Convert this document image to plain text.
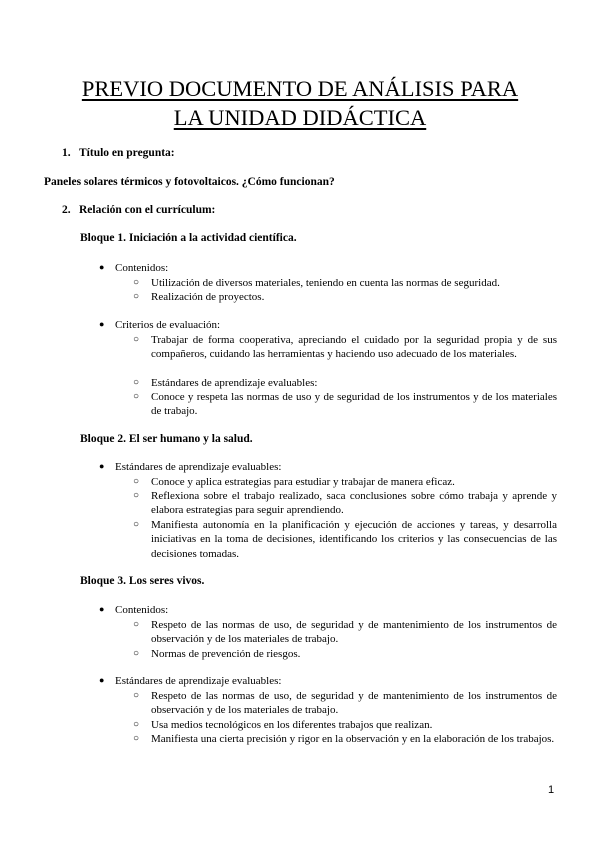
PREVIO DOCUMENTO DE ANÁLISIS PARA
LA UNIDAD DIDÁCTICA
1. Título en pregunta:
Paneles solares térmicos y fotovoltaicos. ¿Cómo funcionan?
2. Relación con el currículum:
Bloque 1. Iniciación a la actividad científica.
● Contenidos:
○ Utilización de diversos materiales, teniendo en cuenta las normas de seguridad.
○ Realización de proyectos.
● Criterios de evaluación:
○ Trabajar de forma cooperativa, apreciando el cuidado por la seguridad propia y de sus compañeros, cuidando las herramientas y haciendo uso adecuado de los materiales.
○ Estándares de aprendizaje evaluables:
○ Conoce y respeta las normas de uso y de seguridad de los instrumentos y de los materiales de trabajo.
Bloque 2. El ser humano y la salud.
● Estándares de aprendizaje evaluables:
○ Conoce y aplica estrategias para estudiar y trabajar de manera eficaz.
○ Reflexiona sobre el trabajo realizado, saca conclusiones sobre cómo trabaja y aprende y elabora estrategias para seguir aprendiendo.
○ Manifiesta autonomía en la planificación y ejecución de acciones y tareas, y desarrolla iniciativas en la toma de decisiones, identificando los criterios y las consecuencias de las decisiones tomadas.
Bloque 3. Los seres vivos.
● Contenidos:
○ Respeto de las normas de uso, de seguridad y de mantenimiento de los instrumentos de observación y de los materiales de trabajo.
○ Normas de prevención de riesgos.
● Estándares de aprendizaje evaluables:
○ Respeto de las normas de uso, de seguridad y de mantenimiento de los instrumentos de observación y de los materiales de trabajo.
○ Usa medios tecnológicos en los diferentes trabajos que realizan.
○ Manifiesta una cierta precisión y rigor en la observación y en la elaboración de los trabajos.
1
